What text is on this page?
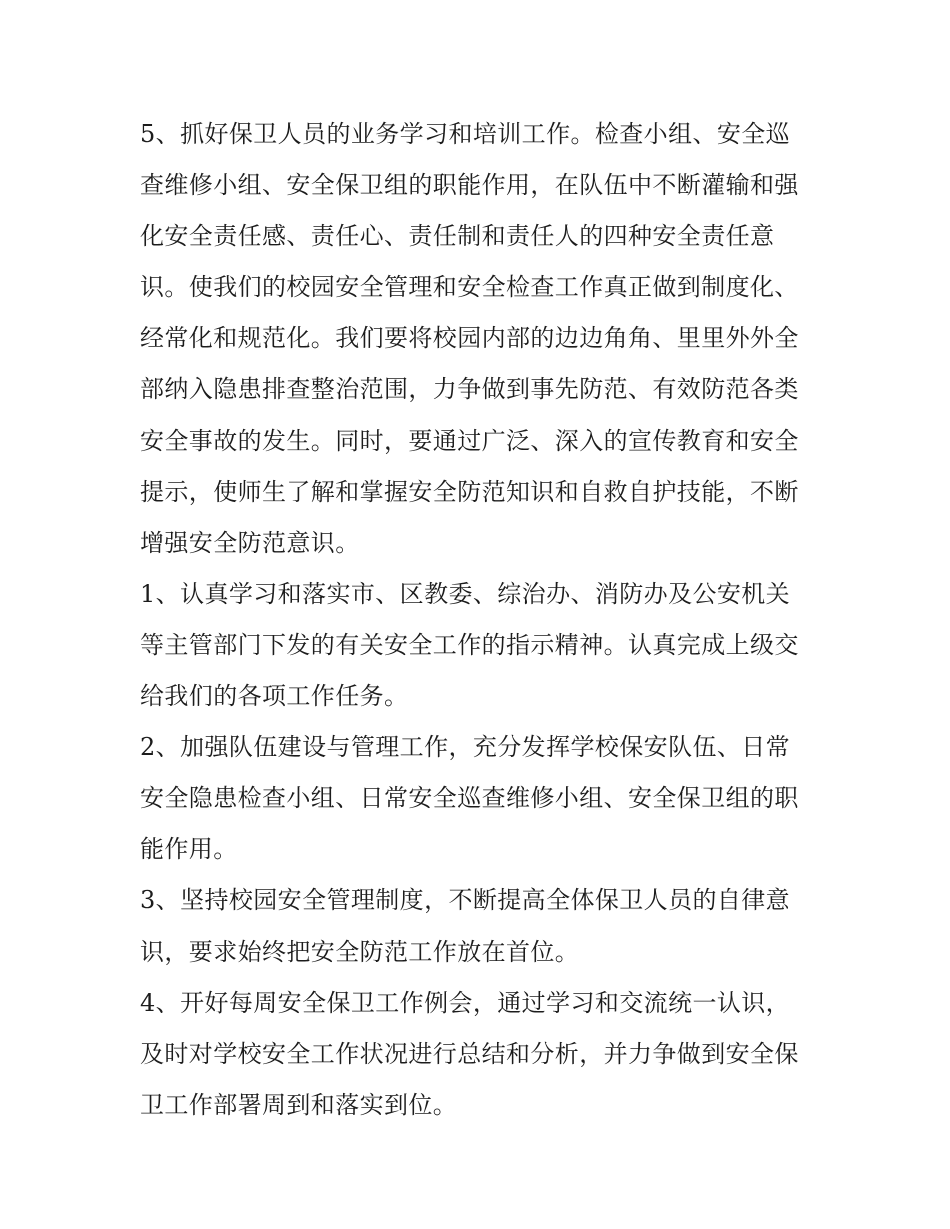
5、抓好保卫人员的业务学习和培训工作。检查小组、安全巡
查维修小组、安全保卫组的职能作用，在队伍中不断灌输和强
化安全责任感、责任心、责任制和责任人的四种安全责任意
识。使我们的校园安全管理和安全检查工作真正做到制度化、
经常化和规范化。我们要将校园内部的边边角角、里里外外全
部纳入隐患排查整治范围，力争做到事先防范、有效防范各类
安全事故的发生。同时，要通过广泛、深入的宣传教育和安全
提示，使师生了解和掌握安全防范知识和自救自护技能，不断
增强安全防范意识。
1、认真学习和落实市、区教委、综治办、消防办及公安机关
等主管部门下发的有关安全工作的指示精神。认真完成上级交
给我们的各项工作任务。
2、加强队伍建设与管理工作，充分发挥学校保安队伍、日常
安全隐患检查小组、日常安全巡查维修小组、安全保卫组的职
能作用。
3、坚持校园安全管理制度，不断提高全体保卫人员的自律意
识，要求始终把安全防范工作放在首位。
4、开好每周安全保卫工作例会，通过学习和交流统一认识，
及时对学校安全工作状况进行总结和分析，并力争做到安全保
卫工作部署周到和落实到位。
